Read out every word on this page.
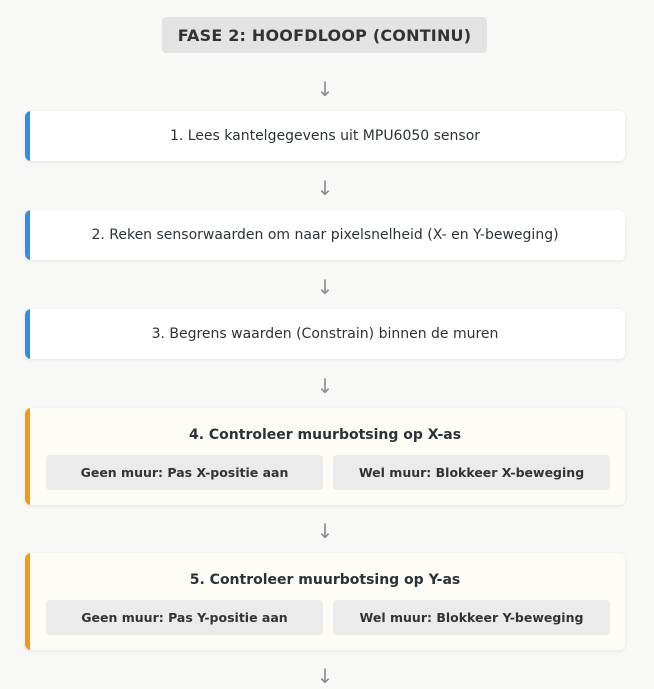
FASE 2: HOOFDLOOP (CONTINU)
↓
1. Lees kantelgegevens uit MPU6050 sensor
↓
2. Reken sensorwaarden om naar pixelsnelheid (X- en Y-beweging)
↓
3. Begrens waarden (Constrain) binnen de muren
↓
4. Controleer muurbotsing op X-as
Geen muur: Pas X-positie aan	Wel muur: Blokkeer X-beweging
↓
5. Controleer muurbotsing op Y-as
Geen muur: Pas Y-positie aan	Wel muur: Blokkeer Y-beweging
↓
